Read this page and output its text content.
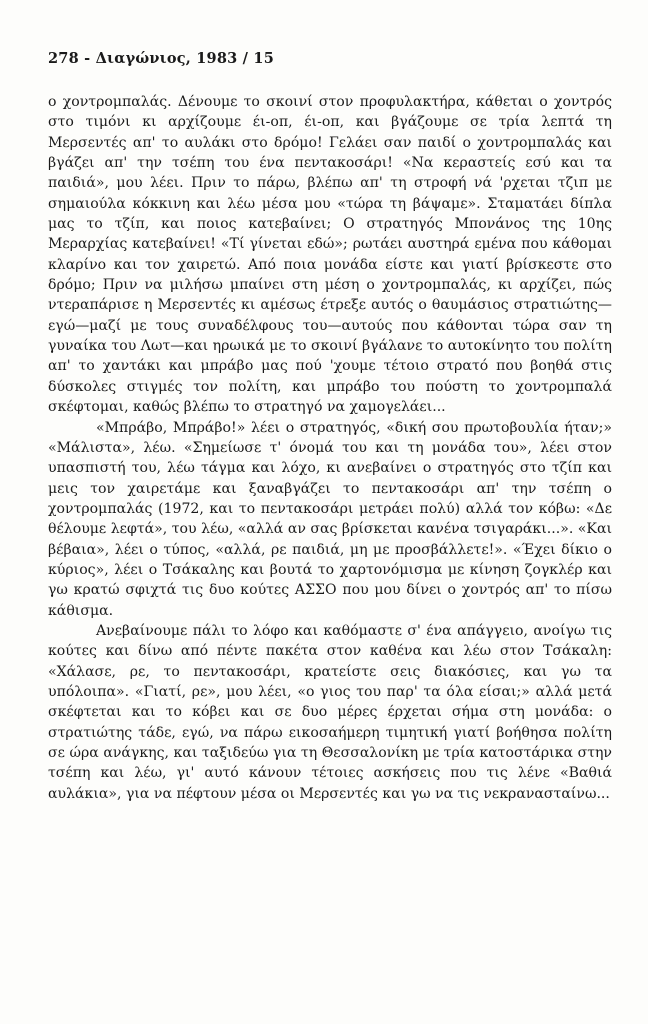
278 - Διαγώνιος, 1983 / 15

ο χοντρομπαλάς. Δένουμε το σκοινί στον προφυλακτήρα, κάθεται ο χοντρός στο τιμόνι κι αρχίζουμε έι-οπ, έι-οπ, και βγάζουμε σε τρία λεπτά τη Μερσεντές απ' το αυλάκι στο δρόμο! Γελάει σαν παιδί ο χοντρομπαλάς και βγάζει απ' την τσέπη του ένα πεντακοσάρι! «Να κεραστείς εσύ και τα παιδιά», μου λέει. Πριν το πάρω, βλέπω απ' τη στροφή νά 'ρχεται τζιπ με σημαιούλα κόκκινη και λέω μέσα μου «τώρα τη βάψαμε». Σταματάει δίπλα μας το τζίπ, και ποιος κατεβαίνει; Ο στρατηγός Μπονάνος της 10ης Μεραρχίας κατεβαίνει! «Τί γίνεται εδώ»; ρωτάει αυστηρά εμένα που κάθομαι κλαρίνο και τον χαιρετώ. Από ποια μονάδα είστε και γιατί βρίσκεστε στο δρόμο; Πριν να μιλήσω μπαίνει στη μέση ο χοντρομπαλάς, κι αρχίζει, πώς ντεραπάρισε η Μερσεντές κι αμέσως έτρεξε αυτός ο θαυμάσιος στρατιώτης— εγώ—μαζί με τους συναδέλφους του—αυτούς που κάθονται τώρα σαν τη γυναίκα του Λωτ—και ηρωικά με το σκοινί βγάλανε το αυτοκίνητο του πολίτη απ' το χαντάκι και μπράβο μας πού 'χουμε τέτοιο στρατό που βοηθά στις δύσκολες στιγμές τον πολίτη, και μπράβο του πούστη το χοντρομπαλά σκέφτομαι, καθώς βλέπω το στρατηγό να χαμογελάει...

«Μπράβο, Μπράβο!» λέει ο στρατηγός, «δική σου πρωτοβουλία ήταν;» «Μάλιστα», λέω. «Σημείωσε τ' όνομά του και τη μονάδα του», λέει στον υπασπιστή του, λέω τάγμα και λόχο, κι ανεβαίνει ο στρατηγός στο τζίπ και μεις τον χαιρετάμε και ξαναβγάζει το πεντακοσάρι απ' την τσέπη ο χοντρομπαλάς (1972, και το πεντακοσάρι μετράει πολύ) αλλά τον κόβω: «Δε θέλουμε λεφτά», του λέω, «αλλά αν σας βρίσκεται κανένα τσιγαράκι...». «Και βέβαια», λέει ο τύπος, «αλλά, ρε παιδιά, μη με προσβάλλετε!». «Έχει δίκιο ο κύριος», λέει ο Τσάκαλης και βουτά το χαρτονόμισμα με κίνηση ζογκλέρ και γω κρατώ σφιχτά τις δυο κούτες ΑΣΣΟ που μου δίνει ο χοντρός απ' το πίσω κάθισμα.

Ανεβαίνουμε πάλι το λόφο και καθόμαστε σ' ένα απάγγειο, ανοίγω τις κούτες και δίνω από πέντε πακέτα στον καθένα και λέω στον Τσάκαλη: «Χάλασε, ρε, το πεντακοσάρι, κρατείστε σεις διακόσιες, και γω τα υπόλοιπα». «Γιατί, ρε», μου λέει, «ο γιος του παρ' τα όλα είσαι;» αλλά μετά σκέφτεται και το κόβει και σε δυο μέρες έρχεται σήμα στη μονάδα: ο στρατιώτης τάδε, εγώ, να πάρω εικοσαήμερη τιμητική γιατί βοήθησα πολίτη σε ώρα ανάγκης, και ταξιδεύω για τη Θεσσαλονίκη με τρία κατοστάρικα στην τσέπη και λέω, γι' αυτό κάνουν τέτοιες ασκήσεις που τις λένε «Βαθιά αυλάκια», για να πέφτουν μέσα οι Μερσεντές και γω να τις νεκρανασταίνω...
